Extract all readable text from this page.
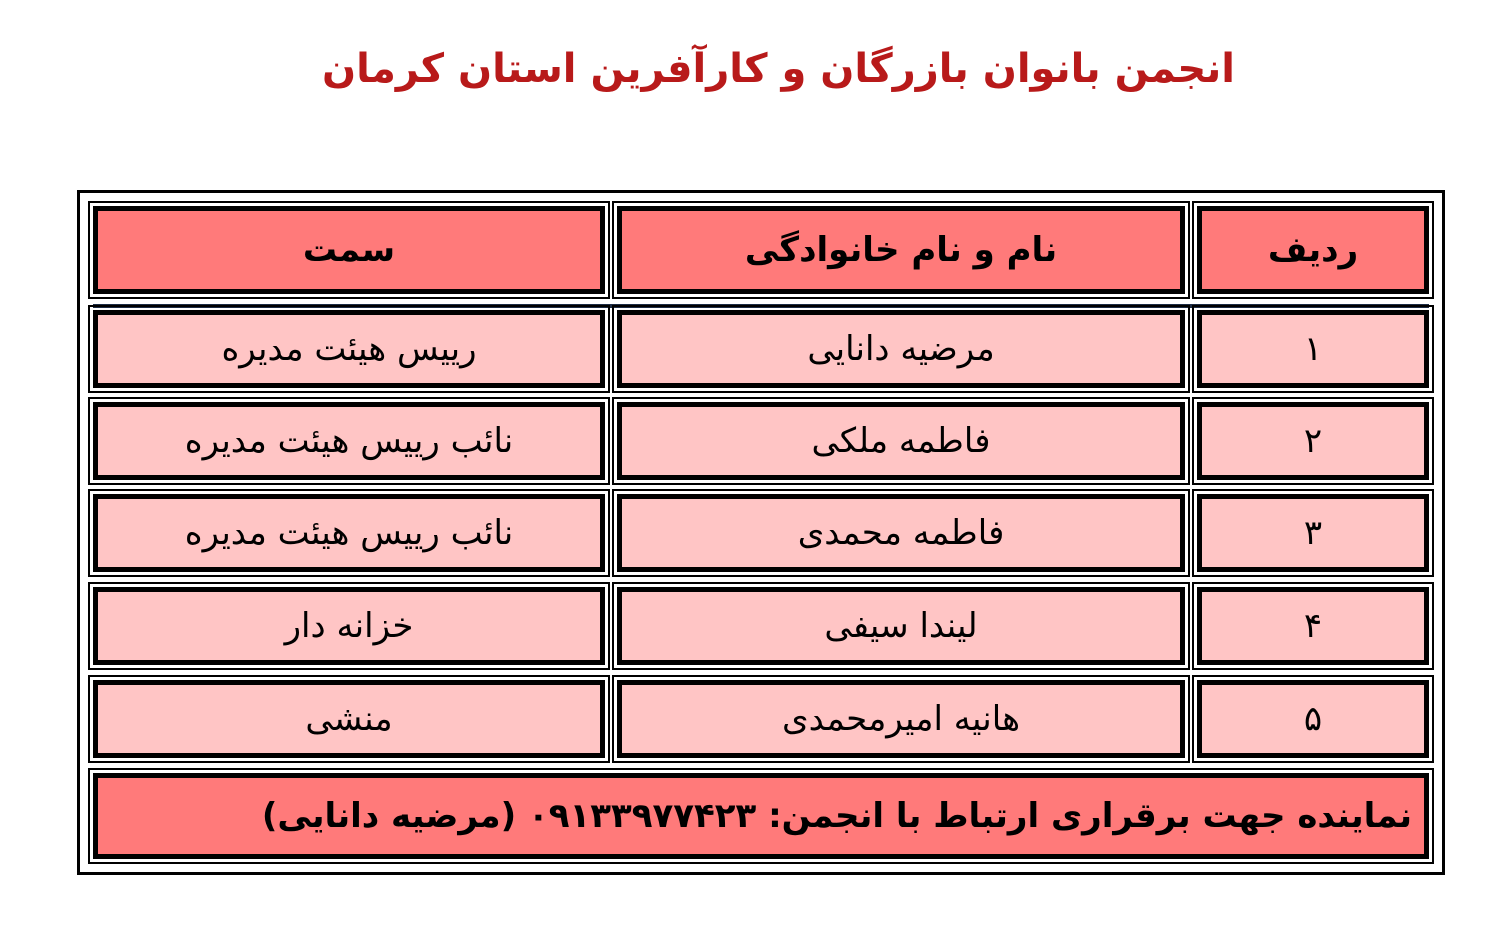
انجمن بانوان بازرگان و کارآفرین استان کرمان
سمت	نام و نام خانوادگی	ردیف
رییس هیئت مدیره	مرضیه دانایی	۱
نائب رییس هیئت مدیره	فاطمه ملکی	۲
نائب رییس هیئت مدیره	فاطمه محمدی	۳
خزانه دار	لیندا سیفی	۴
منشی	هانیه امیرمحمدی	۵
نماینده جهت برقراری ارتباط با انجمن: ۰۹۱۳۳۹۷۷۴۲۳ (مرضیه دانایی)
